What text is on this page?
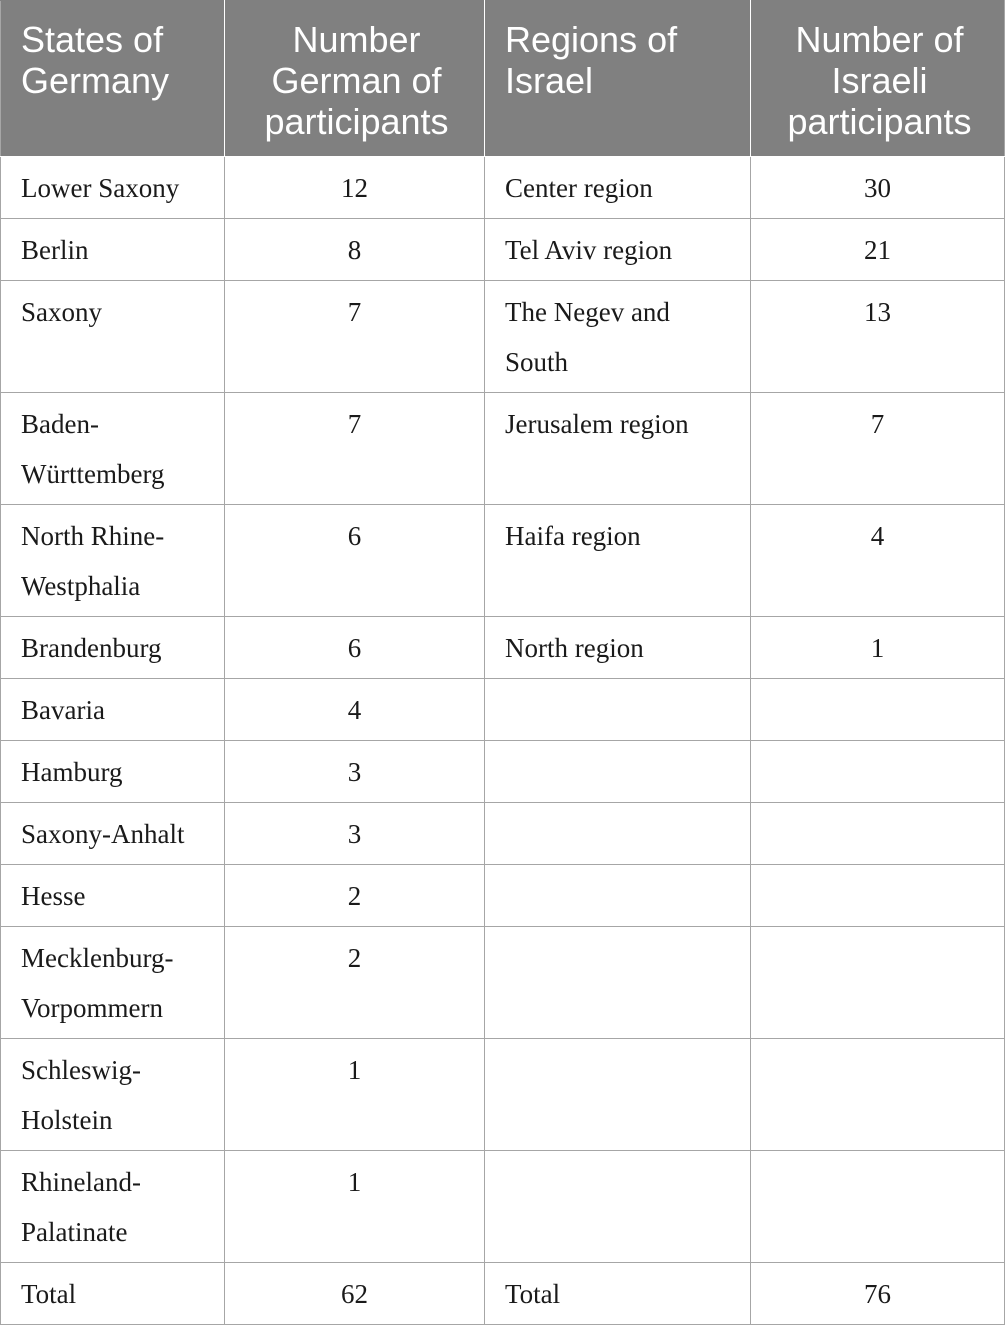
States of Germany	Number German of participants	Regions of Israel	Number of Israeli participants
Lower Saxony	12	Center region	30
Berlin	8	Tel Aviv region	21
Saxony	7	The Negev and South	13
Baden-Württemberg	7	Jerusalem region	7
North Rhine-Westphalia	6	Haifa region	4
Brandenburg	6	North region	1
Bavaria	4		
Hamburg	3		
Saxony-Anhalt	3		
Hesse	2		
Mecklenburg-Vorpommern	2		
Schleswig-Holstein	1		
Rhineland-Palatinate	1		
Total	62	Total	76
